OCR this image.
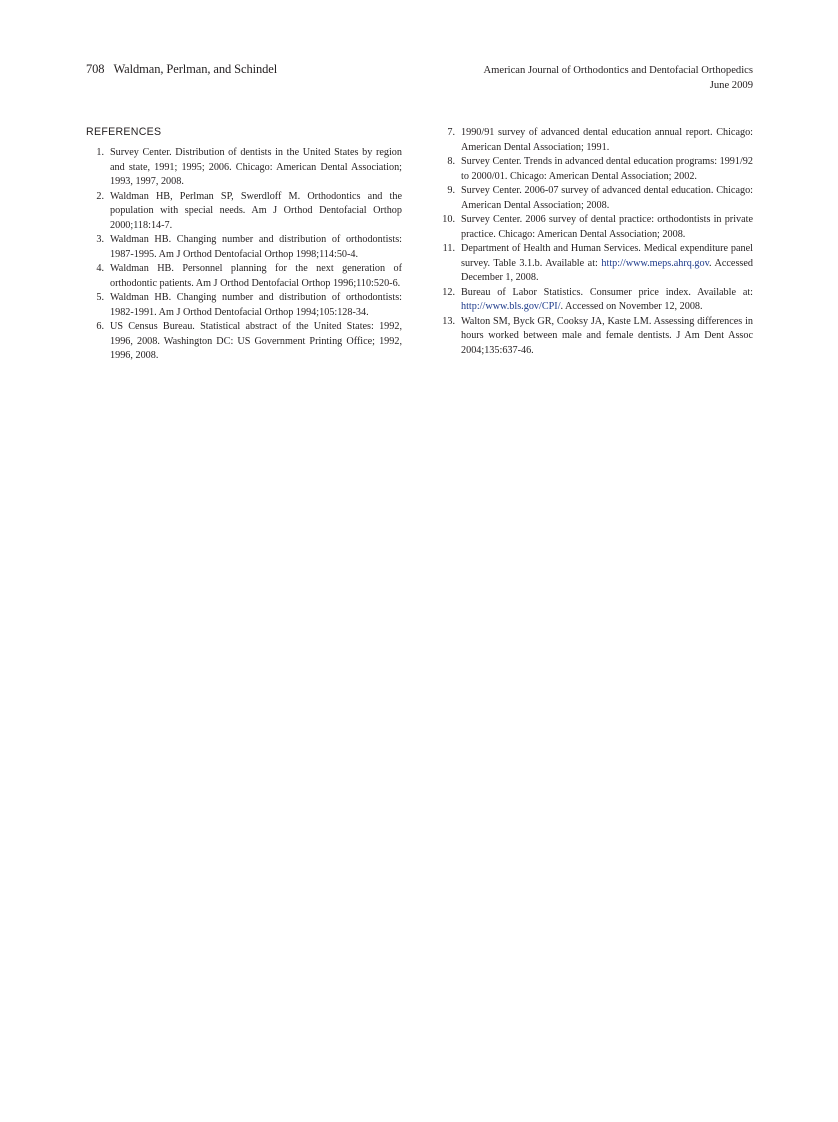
708 Waldman, Perlman, and Schindel	American Journal of Orthodontics and Dentofacial Orthopedics
June 2009
REFERENCES
1. Survey Center. Distribution of dentists in the United States by region and state, 1991; 1995; 2006. Chicago: American Dental Association; 1993, 1997, 2008.
2. Waldman HB, Perlman SP, Swerdloff M. Orthodontics and the population with special needs. Am J Orthod Dentofacial Orthop 2000;118:14-7.
3. Waldman HB. Changing number and distribution of orthodontists: 1987-1995. Am J Orthod Dentofacial Orthop 1998;114:50-4.
4. Waldman HB. Personnel planning for the next generation of orthodontic patients. Am J Orthod Dentofacial Orthop 1996;110:520-6.
5. Waldman HB. Changing number and distribution of orthodontists: 1982-1991. Am J Orthod Dentofacial Orthop 1994;105:128-34.
6. US Census Bureau. Statistical abstract of the United States: 1992, 1996, 2008. Washington DC: US Government Printing Office; 1992, 1996, 2008.
7. 1990/91 survey of advanced dental education annual report. Chicago: American Dental Association; 1991.
8. Survey Center. Trends in advanced dental education programs: 1991/92 to 2000/01. Chicago: American Dental Association; 2002.
9. Survey Center. 2006-07 survey of advanced dental education. Chicago: American Dental Association; 2008.
10. Survey Center. 2006 survey of dental practice: orthodontists in private practice. Chicago: American Dental Association; 2008.
11. Department of Health and Human Services. Medical expenditure panel survey. Table 3.1.b. Available at: http://www.meps.ahrq.gov. Accessed December 1, 2008.
12. Bureau of Labor Statistics. Consumer price index. Available at: http://www.bls.gov/CPI/. Accessed on November 12, 2008.
13. Walton SM, Byck GR, Cooksy JA, Kaste LM. Assessing differences in hours worked between male and female dentists. J Am Dent Assoc 2004;135:637-46.
